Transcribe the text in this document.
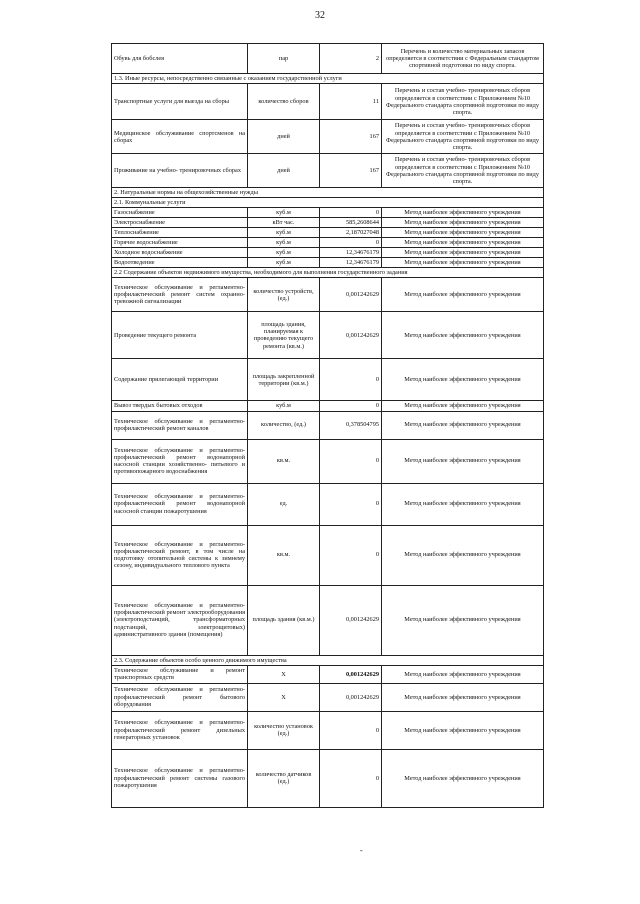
32
Обувь для бобслея	пар	2	Перечень и количество материальных запасов определяется в соответствии с Федеральным стандартом спортивной подготовки по виду спорта.
1.3. Иные ресурсы, непосредственно связанные с оказанием государственной услуги			
Транспортные услуги для выезда на сборы	количество сборов	11	Перечень и состав учебно- тренировочных сборов определяется в соответствии с Приложением №10 Федерального стандарта спортивной подготовки по виду спорта.
Медицинское обслуживание спортсменов на сборах	дней	167	Перечень и состав учебно- тренировочных сборов определяется в соответствии с Приложением №10 Федерального стандарта спортивной подготовки по виду спорта.
Проживание на учебно- тренировочных сборах	дней	167	Перечень и состав учебно- тренировочных сборов определяется в соответствии с Приложением №10 Федерального стандарта спортивной подготовки по виду спорта.
2. Натуральные нормы на общехозяйственные нужды			
2.1. Коммунальные услуги			
Газоснабжение	куб.м	0	Метод наиболее эффективного учреждения
Электроснабжение	кВт час.	585,2608644	Метод наиболее эффективного учреждения
Теплоснабжение	куб.м	2,187027048	Метод наиболее эффективного учреждения
Горячее водоснабжение	куб.м	0	Метод наиболее эффективного учреждения
Холодное водоснабжение	куб.м	12,34676179	Метод наиболее эффективного учреждения
Водоотведение	куб.м	12,34676179	Метод наиболее эффективного учреждения
2.2 Содержание объектов недвижимого имущества, необходимого для выполнения государственного задания			
Техническое обслуживание и регламентно- профилактический ремонт систем охранно-тревожной сигнализации	количество устройств, (ед.)	0,001242629	Метод наиболее эффективного учреждения
Проведение текущего ремонта	площадь здания, планируемая к проведению текущего ремонта (кв.м.)	0,001242629	Метод наиболее эффективного учреждения
Содержание прилегающей территории	площадь закрепленной территории (кв.м.)	0	Метод наиболее эффективного учреждения
Вывоз твердых бытовых отходов	куб.м	0	Метод наиболее эффективного учреждения
Техническое обслуживание и регламентно- профилактический ремонт каналов	количество, (ед.)	0,378504795	Метод наиболее эффективного учреждения
Техническое обслуживание и регламентно- профилактический ремонт водонапорной насосной станции хозяйственно- питьевого и противопожарного водоснабжения	кв.м.	0	Метод наиболее эффективного учреждения
Техническое обслуживание и регламентно- профилактический ремонт водонапорной насосной станции пожаротушения	ед.	0	Метод наиболее эффективного учреждения
Техническое обслуживание и регламентно- профилактический ремонт, в том числе на подготовку отопительной системы к зимнему сезону, индивидуального теплового пункта	кв.м.	0	Метод наиболее эффективного учреждения
Техническое обслуживание и регламентно- профилактический ремонт электрооборудования (электроподстанций, трансформаторных подстанций, электрощитовых) административного здания (помещения)	площадь здания (кв.м.)	0,001242629	Метод наиболее эффективного учреждения
2.3. Содержание объектов особо ценного движимого имущества			
Техническое обслуживание и ремонт транспортных средств	Х	0,001242629	Метод наиболее эффективного учреждения
Техническое обслуживание и регламентно- профилактический ремонт бытового оборудования	Х	0,001242629	Метод наиболее эффективного учреждения
Техническое обслуживание и регламентно- профилактический ремонт дизельных генераторных установок	количество установок (ед.)	0	Метод наиболее эффективного учреждения
Техническое обслуживание и регламентно- профилактический ремонт системы газового пожаротушения	количество датчиков (ед.)	0	Метод наиболее эффективного учреждения
-
